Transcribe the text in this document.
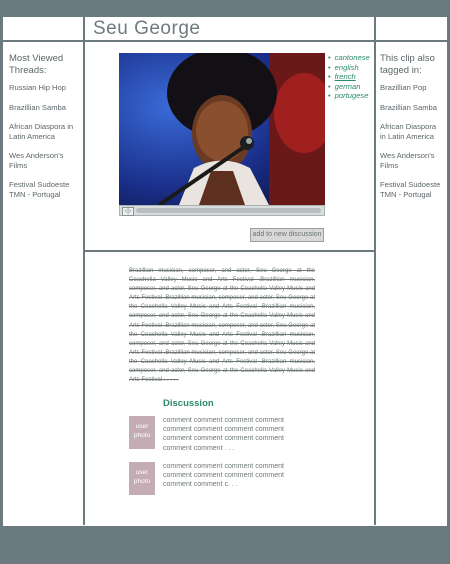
Seu George
Most Viewed Threads:
Russian Hip Hop
Brazillian Samba
African Diaspora in Latin America
Wes Anderson's Films
Festival Sudoeste TMN - Portugal
This clip also tagged in:
Brazillian Pop
Brazillian Samba
African Diaspora in Latin America
Wes Anderson's Films
Festival Sudoeste TMN - Portugal
‹|›
• cantonese
• english
• french
• german
• portugese
add to new discussion
Brazillian musician, composer, and actor, Seu George at the Coachella Valley Music and Arts Festival .Brazillian musician, composer, and actor, Seu George at the Coachella Valley Music and Arts Festival .Brazillian musician, composer, and actor, Seu George at the Coachella Valley Music and Arts Festival .Brazillian musician, composer, and actor, Seu George at the Coachella Valley Music and Arts Festival .Brazillian musician, composer, and actor, Seu George at the Coachella Valley Music and Arts Festival .Brazillian musician, composer, and actor, Seu George at the Coachella Valley Music and Arts Festival .Brazillian musician, composer, and actor, Seu George at the Coachella Valley Music and Arts Festival .Brazillian musician, composer, and actor, Seu George at the Coachella Valley Music and Arts Festival . . . . .
Discussion
user photo
comment comment comment comment comment comment comment comment comment comment comment comment comment comment . . .
user photo
comment comment comment comment comment comment comment comment comment comment c. . .
